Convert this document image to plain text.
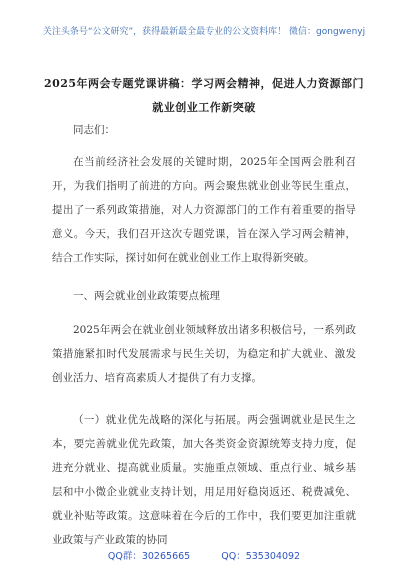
关注头条号“公文研究”，获得最新最全最专业的公文资料库！ 微信：gongwenyj
2025年两会专题党课讲稿：学习两会精神，促进人力资源部门就业创业工作新突破
同志们：
在当前经济社会发展的关键时期，2025年全国两会胜利召开，为我们指明了前进的方向。两会聚焦就业创业等民生重点，提出了一系列政策措施，对人力资源部门的工作有着重要的指导意义。今天，我们召开这次专题党课，旨在深入学习两会精神，结合工作实际，探讨如何在就业创业工作上取得新突破。
一、两会就业创业政策要点梳理
2025年两会在就业创业领域释放出诸多积极信号，一系列政策措施紧扣时代发展需求与民生关切，为稳定和扩大就业、激发创业活力、培育高素质人才提供了有力支撑。
（一）就业优先战略的深化与拓展。两会强调就业是民生之本，要完善就业优先政策，加大各类资金资源统筹支持力度，促进充分就业、提高就业质量。实施重点领域、重点行业、城乡基层和中小微企业就业支持计划，用足用好稳岗返还、税费减免、就业补贴等政策。这意味着在今后的工作中，我们要更加注重就业政策与产业政策的协同
QQ群：30265665	QQ：535304092
